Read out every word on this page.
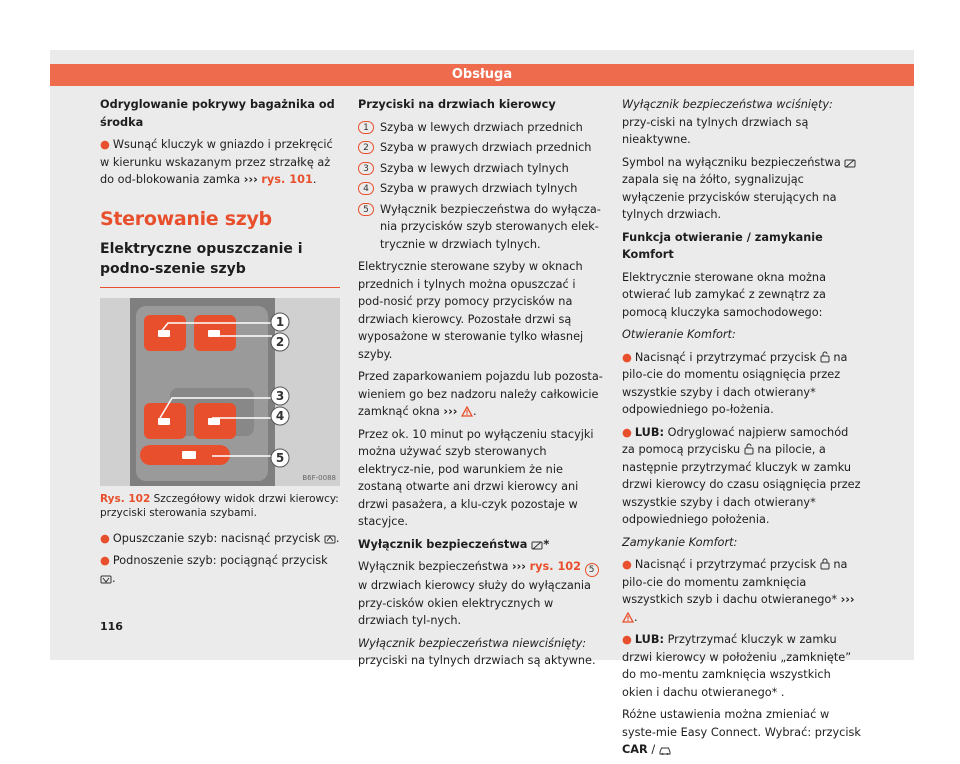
Obsługa

Odryglowanie pokrywy bagażnika od środka

● Wsunąć kluczyk w gniazdo i przekręcić w kierunku wskazanym przez strzałkę aż do od-blokowania zamka ››› rys. 101.

Sterowanie szyb
Elektryczne opuszczanie i podno-szenie szyb
1
2
3
4
5
B6F-0088

Rys. 102 Szczegółowy widok drzwi kierowcy: przyciski sterowania szybami.

● Opuszczanie szyb: nacisnąć przycisk .

● Podnoszenie szyb: pociągnąć przycisk .

Przyciski na drzwiach kierowcy

1 Szyba w lewych drzwiach przednich
2 Szyba w prawych drzwiach przednich
3 Szyba w lewych drzwiach tylnych
4 Szyba w prawych drzwiach tylnych
5 Wyłącznik bezpieczeństwa do wyłącza-nia przycisków szyb sterowanych elek-trycznie w drzwiach tylnych.

Elektrycznie sterowane szyby w oknach przednich i tylnych można opuszczać i pod-nosić przy pomocy przycisków na drzwiach kierowcy. Pozostałe drzwi są wyposażone w sterowanie tylko własnej szyby.

Przed zaparkowaniem pojazdu lub pozosta-wieniem go bez nadzoru należy całkowicie zamknąć okna ››› .

Przez ok. 10 minut po wyłączeniu stacyjki można używać szyb sterowanych elektrycz-nie, pod warunkiem że nie zostaną otwarte ani drzwi kierowcy ani drzwi pasażera, a klu-czyk pozostaje w stacyjce.

Wyłącznik bezpieczeństwa *

Wyłącznik bezpieczeństwa ››› rys. 102 5 w drzwiach kierowcy służy do wyłączania przy-cisków okien elektrycznych w drzwiach tyl-nych.

Wyłącznik bezpieczeństwa niewciśnięty: przyciski na tylnych drzwiach są aktywne.

Wyłącznik bezpieczeństwa wciśnięty: przy-ciski na tylnych drzwiach są nieaktywne.

Symbol na wyłączniku bezpieczeństwa  zapala się na żółto, sygnalizując wyłączenie przycisków sterujących na tylnych drzwiach.

Funkcja otwieranie / zamykanie Komfort

Elektrycznie sterowane okna można otwierać lub zamykać z zewnątrz za pomocą kluczyka samochodowego:

Otwieranie Komfort:

● Nacisnąć i przytrzymać przycisk na pilo-cie do momentu osiągnięcia przez wszystkie szyby i dach otwierany* odpowiedniego po-łożenia.

● LUB: Odryglować najpierw samochód za pomocą przycisku na pilocie, a następnie przytrzymać kluczyk w zamku drzwi kierowcy do czasu osiągnięcia przez wszystkie szyby i dach otwierany* odpowiedniego położenia.

Zamykanie Komfort:

● Nacisnąć i przytrzymać przycisk na pilo-cie do momentu zamknięcia wszystkich szyb i dachu otwieranego* ››› .

● LUB: Przytrzymać kluczyk w zamku drzwi kierowcy w położeniu „zamknięte” do mo-mentu zamknięcia wszystkich okien i dachu otwieranego* .

Różne ustawienia można zmieniać w syste-mie Easy Connect. Wybrać: przycisk CAR /

116
